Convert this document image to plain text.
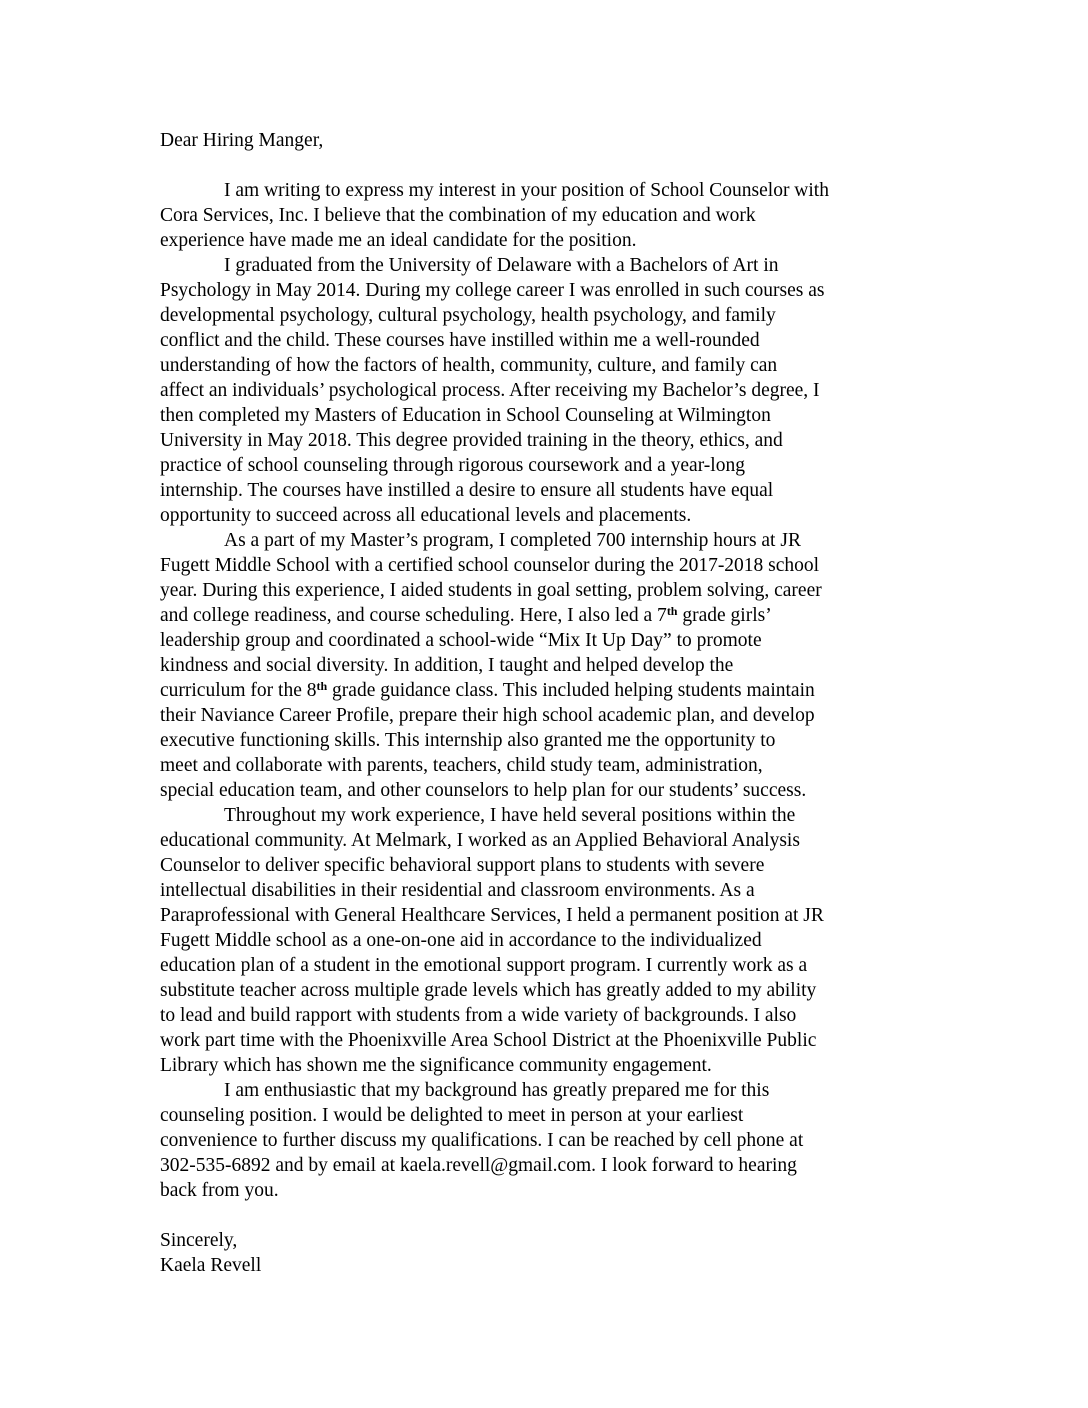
Dear Hiring Manger,
I am writing to express my interest in your position of School Counselor with
Cora Services, Inc. I believe that the combination of my education and work
experience have made me an ideal candidate for the position.
I graduated from the University of Delaware with a Bachelors of Art in
Psychology in May 2014. During my college career I was enrolled in such courses as
developmental psychology, cultural psychology, health psychology, and family
conflict and the child. These courses have instilled within me a well-rounded
understanding of how the factors of health, community, culture, and family can
affect an individuals’ psychological process. After receiving my Bachelor’s degree, I
then completed my Masters of Education in School Counseling at Wilmington
University in May 2018. This degree provided training in the theory, ethics, and
practice of school counseling through rigorous coursework and a year-long
internship. The courses have instilled a desire to ensure all students have equal
opportunity to succeed across all educational levels and placements.
As a part of my Master’s program, I completed 700 internship hours at JR
Fugett Middle School with a certified school counselor during the 2017-2018 school
year. During this experience, I aided students in goal setting, problem solving, career
and college readiness, and course scheduling. Here, I also led a 7th grade girls’
leadership group and coordinated a school-wide “Mix It Up Day” to promote
kindness and social diversity. In addition, I taught and helped develop the
curriculum for the 8th grade guidance class. This included helping students maintain
their Naviance Career Profile, prepare their high school academic plan, and develop
executive functioning skills. This internship also granted me the opportunity to
meet and collaborate with parents, teachers, child study team, administration,
special education team, and other counselors to help plan for our students’ success.
Throughout my work experience, I have held several positions within the
educational community. At Melmark, I worked as an Applied Behavioral Analysis
Counselor to deliver specific behavioral support plans to students with severe
intellectual disabilities in their residential and classroom environments. As a
Paraprofessional with General Healthcare Services, I held a permanent position at JR
Fugett Middle school as a one-on-one aid in accordance to the individualized
education plan of a student in the emotional support program. I currently work as a
substitute teacher across multiple grade levels which has greatly added to my ability
to lead and build rapport with students from a wide variety of backgrounds. I also
work part time with the Phoenixville Area School District at the Phoenixville Public
Library which has shown me the significance community engagement.
I am enthusiastic that my background has greatly prepared me for this
counseling position. I would be delighted to meet in person at your earliest
convenience to further discuss my qualifications. I can be reached by cell phone at
302-535-6892 and by email at kaela.revell@gmail.com. I look forward to hearing
back from you.
Sincerely,
Kaela Revell
